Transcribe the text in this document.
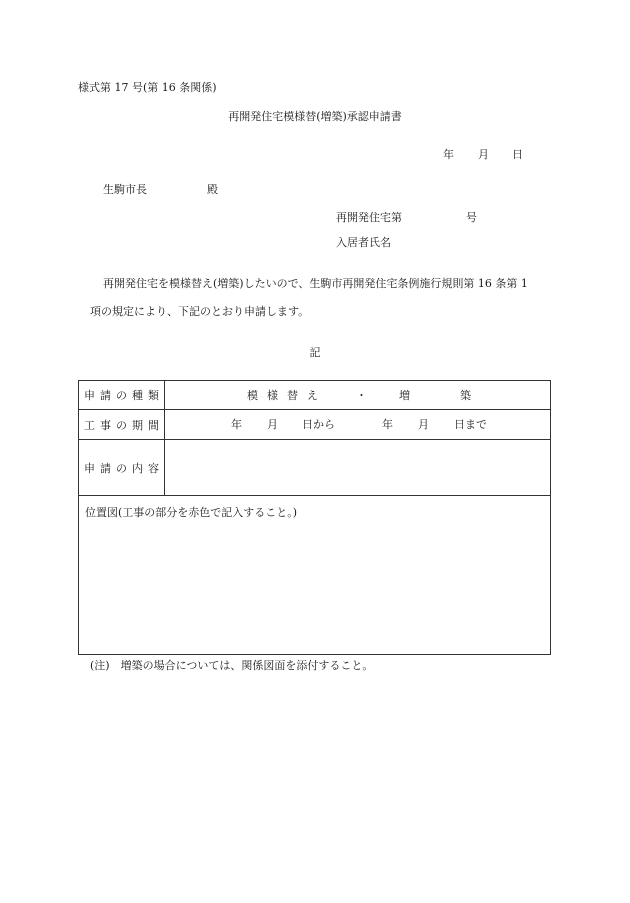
様式第 17 号(第 16 条関係)
再開発住宅模様替(増築)承認申請書
年 月 日
生駒市長	殿
再開発住宅第	号
入居者氏名
再開発住宅を模様替え(増築)したいので、生駒市再開発住宅条例施行規則第 16 条第 1
項の規定により、下記のとおり申請します。
記
申請の種類	模様替え	・	増	築
工事の期間	年 月 日から	年 月 日まで
申請の内容
位置図(工事の部分を赤色で記入すること。)
(注)　増築の場合については、関係図面を添付すること。
